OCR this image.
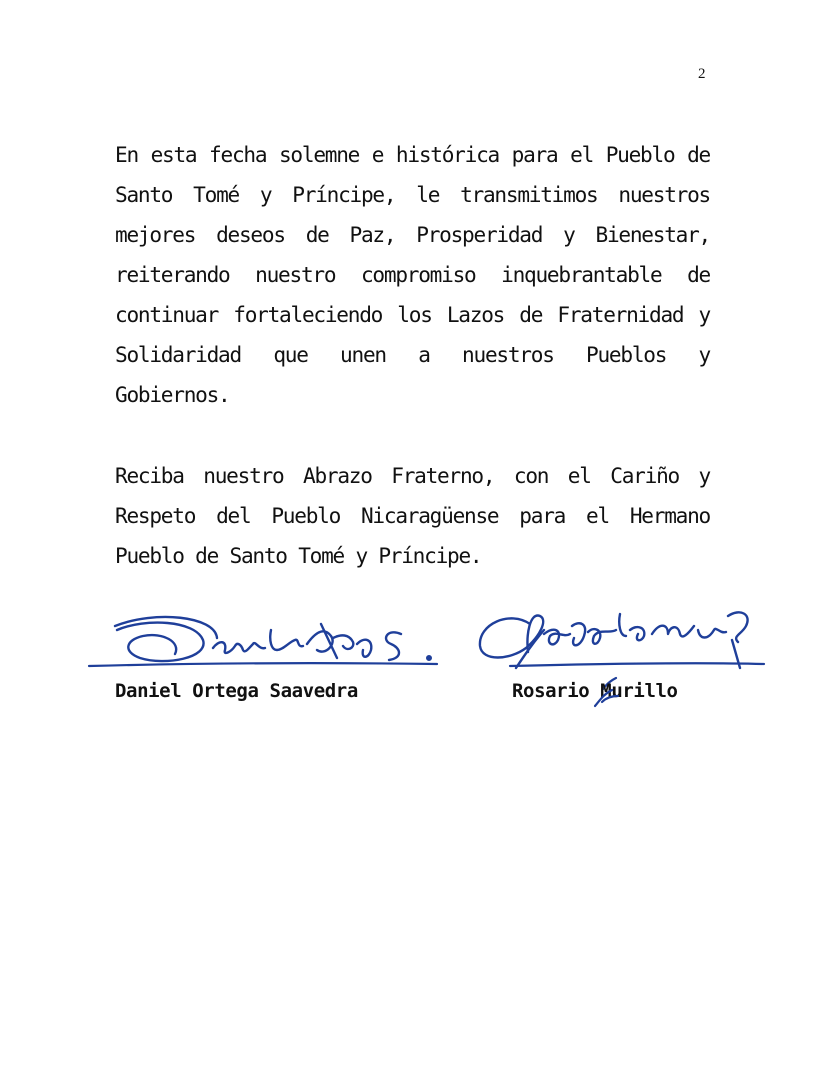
2

En esta fecha solemne e histórica para el Pueblo de Santo Tomé y Príncipe, le transmitimos nuestros mejores deseos de Paz, Prosperidad y Bienestar, reiterando nuestro compromiso inquebrantable de continuar fortaleciendo los Lazos de Fraternidad y Solidaridad que unen a nuestros Pueblos y Gobiernos.

Reciba nuestro Abrazo Fraterno, con el Cariño y Respeto del Pueblo Nicaragüense para el Hermano Pueblo de Santo Tomé y Príncipe.

Daniel Ortega Saavedra	Rosario Murillo
